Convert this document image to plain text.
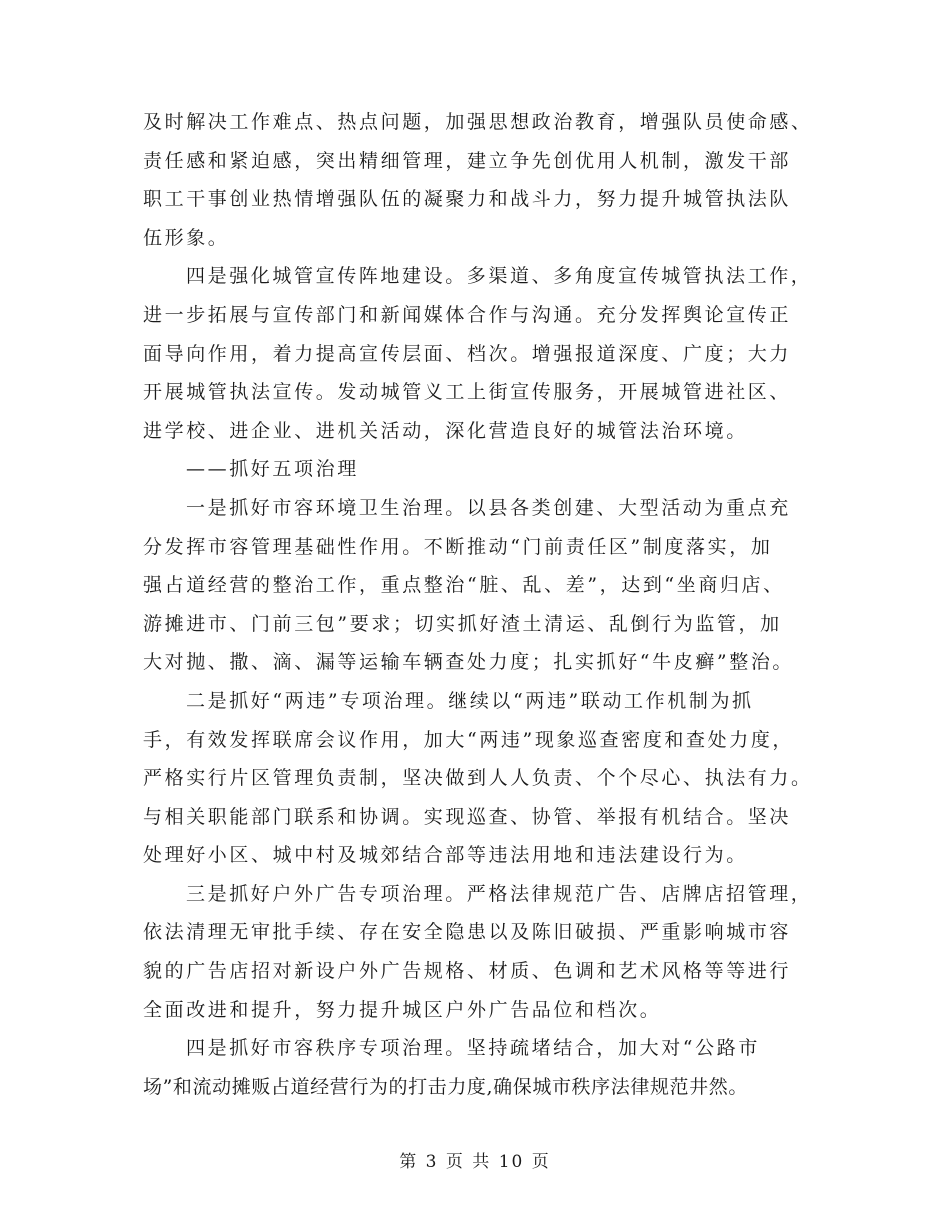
及时解决工作难点、热点问题，加强思想政治教育，增强队员使命感、
责任感和紧迫感，突出精细管理，建立争先创优用人机制，激发干部
职工干事创业热情增强队伍的凝聚力和战斗力，努力提升城管执法队
伍形象。
四是强化城管宣传阵地建设。多渠道、多角度宣传城管执法工作，
进一步拓展与宣传部门和新闻媒体合作与沟通。充分发挥舆论宣传正
面导向作用，着力提高宣传层面、档次。增强报道深度、广度；大力
开展城管执法宣传。发动城管义工上街宣传服务，开展城管进社区、
进学校、进企业、进机关活动，深化营造良好的城管法治环境。
——抓好五项治理
一是抓好市容环境卫生治理。以县各类创建、大型活动为重点充
分发挥市容管理基础性作用。不断推动“门前责任区”制度落实，加
强占道经营的整治工作，重点整治“脏、乱、差”，达到“坐商归店、
游摊进市、门前三包”要求；切实抓好渣土清运、乱倒行为监管，加
大对抛、撒、滴、漏等运输车辆查处力度；扎实抓好“牛皮癣”整治。
二是抓好“两违”专项治理。继续以“两违”联动工作机制为抓
手，有效发挥联席会议作用，加大“两违”现象巡查密度和查处力度，
严格实行片区管理负责制，坚决做到人人负责、个个尽心、执法有力。
与相关职能部门联系和协调。实现巡查、协管、举报有机结合。坚决
处理好小区、城中村及城郊结合部等违法用地和违法建设行为。
三是抓好户外广告专项治理。严格法律规范广告、店牌店招管理，
依法清理无审批手续、存在安全隐患以及陈旧破损、严重影响城市容
貌的广告店招对新设户外广告规格、材质、色调和艺术风格等等进行
全面改进和提升，努力提升城区户外广告品位和档次。
四是抓好市容秩序专项治理。坚持疏堵结合，加大对“公路市
场”和流动摊贩占道经营行为的打击力度,确保城市秩序法律规范井然。
第 3 页 共 10 页
